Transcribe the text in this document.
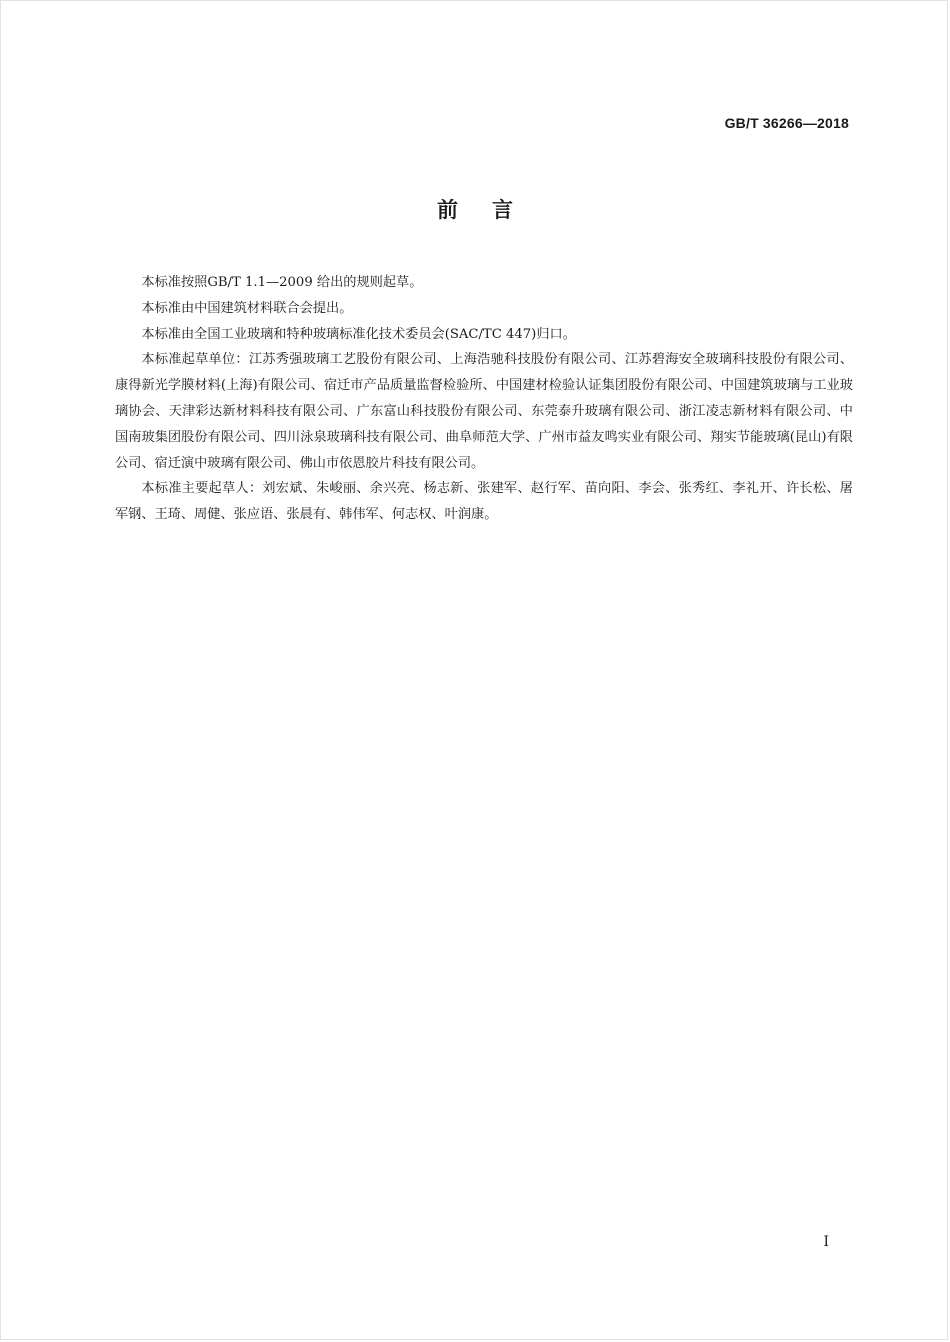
GB/T 36266—2018
前言

本标准按照GB/T 1.1—2009 给出的规则起草。

本标准由中国建筑材料联合会提出。

本标准由全国工业玻璃和特种玻璃标准化技术委员会(SAC/TC 447)归口。

本标准起草单位：江苏秀强玻璃工艺股份有限公司、上海浩驰科技股份有限公司、江苏碧海安全玻璃科技股份有限公司、康得新光学膜材料(上海)有限公司、宿迁市产品质量监督检验所、中国建材检验认证集团股份有限公司、中国建筑玻璃与工业玻璃协会、天津彩达新材料科技有限公司、广东富山科技股份有限公司、东莞泰升玻璃有限公司、浙江凌志新材料有限公司、中国南玻集团股份有限公司、四川泳泉玻璃科技有限公司、曲阜师范大学、广州市益友鸣实业有限公司、翔实节能玻璃(昆山)有限公司、宿迁演中玻璃有限公司、佛山市依恩胶片科技有限公司。

本标准主要起草人：刘宏斌、朱峻丽、余兴亮、杨志新、张建军、赵行军、苗向阳、李会、张秀红、李礼开、许长松、屠军钢、王琦、周健、张应语、张晨有、韩伟军、何志权、叶润康。

I
